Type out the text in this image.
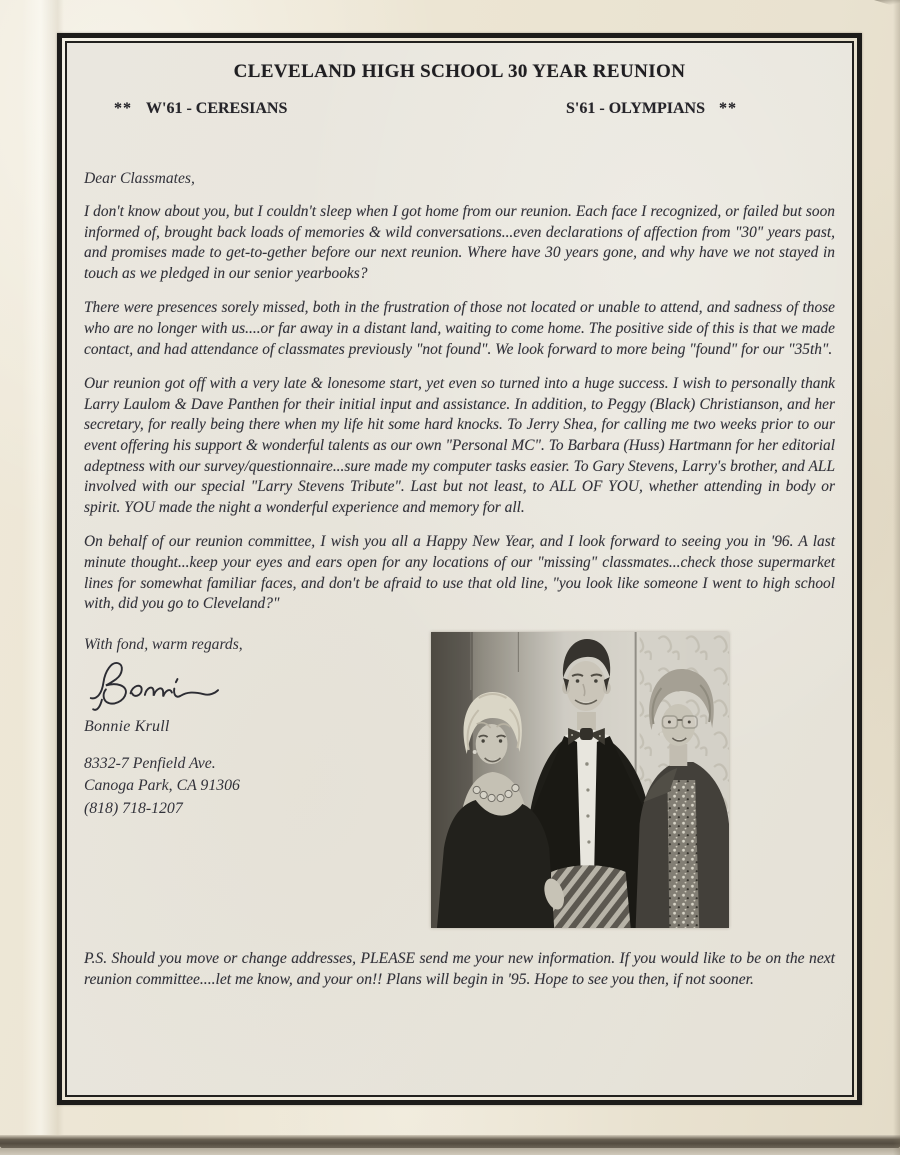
CLEVELAND HIGH SCHOOL 30 YEAR REUNION
** W'61 - CERESIANS	S'61 - OLYMPIANS **

Dear Classmates,

I don't know about you, but I couldn't sleep when I got home from our reunion. Each face I recognized, or failed but soon informed of, brought back loads of memories & wild conversations...even declarations of affection from "30" years past, and promises made to get-to-gether before our next reunion. Where have 30 years gone, and why have we not stayed in touch as we pledged in our senior yearbooks?

There were presences sorely missed, both in the frustration of those not located or unable to attend, and sadness of those who are no longer with us....or far away in a distant land, waiting to come home. The positive side of this is that we made contact, and had attendance of classmates previously "not found". We look forward to more being "found" for our "35th".

Our reunion got off with a very late & lonesome start, yet even so turned into a huge success. I wish to personally thank Larry Laulom & Dave Panthen for their initial input and assistance. In addition, to Peggy (Black) Christianson, and her secretary, for really being there when my life hit some hard knocks. To Jerry Shea, for calling me two weeks prior to our event offering his support & wonderful talents as our own "Personal MC". To Barbara (Huss) Hartmann for her editorial adeptness with our survey/questionnaire...sure made my computer tasks easier. To Gary Stevens, Larry's brother, and ALL involved with our special "Larry Stevens Tribute". Last but not least, to ALL OF YOU, whether attending in body or spirit. YOU made the night a wonderful experience and memory for all.

On behalf of our reunion committee, I wish you all a Happy New Year, and I look forward to seeing you in '96. A last minute thought...keep your eyes and ears open for any locations of our "missing" classmates...check those supermarket lines for somewhat familiar faces, and don't be afraid to use that old line, "you look like someone I went to high school with, did you go to Cleveland?"

With fond, warm regards,

Bonnie Krull

8332-7 Penfield Ave.

Canoga Park, CA 91306

(818) 718-1207

P.S. Should you move or change addresses, PLEASE send me your new information. If you would like to be on the next reunion committee....let me know, and your on!! Plans will begin in '95. Hope to see you then, if not sooner.
